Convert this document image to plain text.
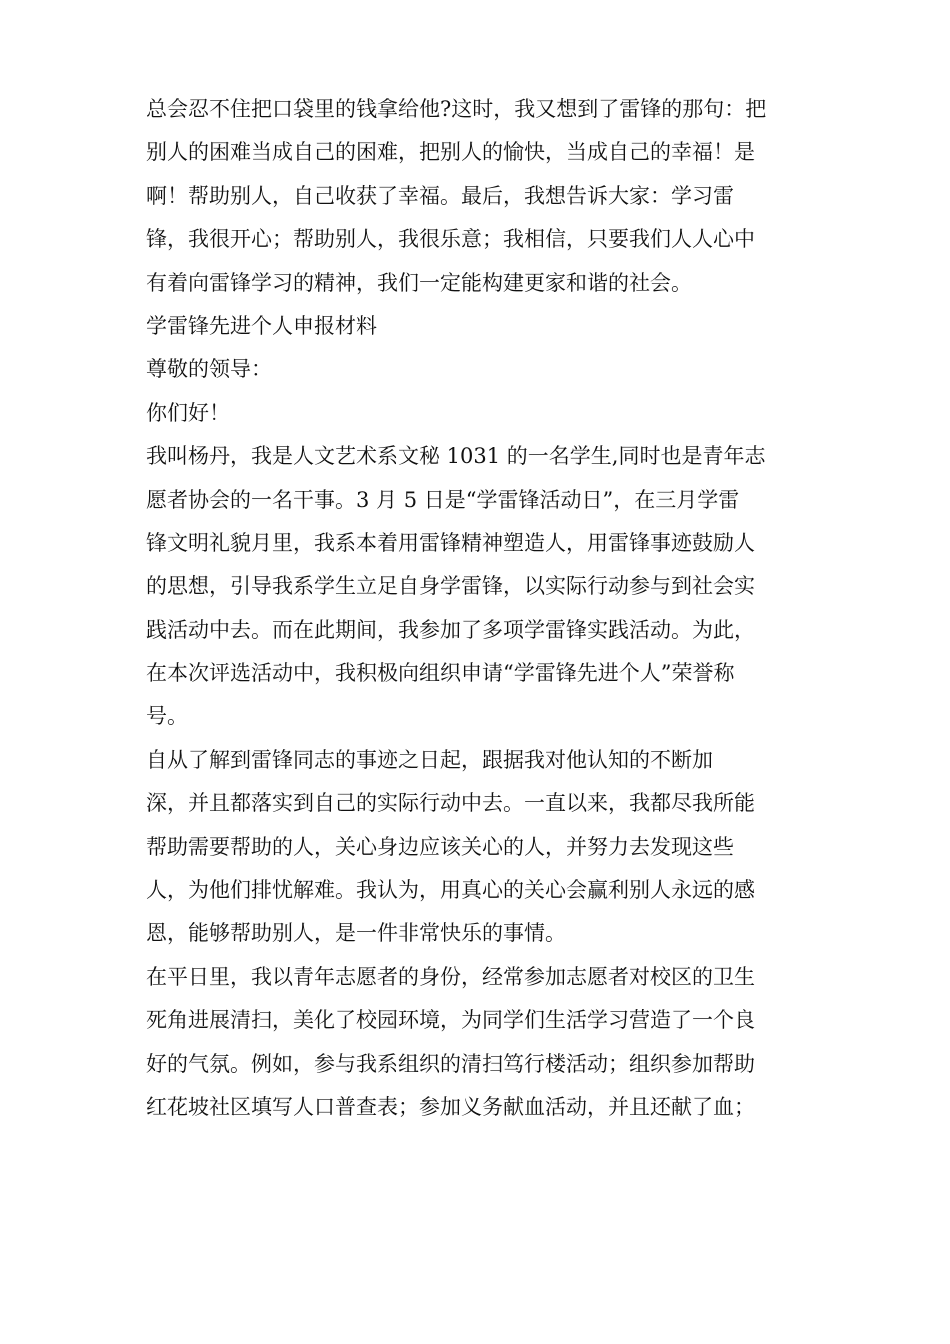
总会忍不住把口袋里的钱拿给他?这时，我又想到了雷锋的那句：把
别人的困难当成自己的困难，把别人的愉快，当成自己的幸福！是
啊！帮助别人，自己收获了幸福。最后，我想告诉大家：学习雷
锋，我很开心；帮助别人，我很乐意；我相信，只要我们人人心中
有着向雷锋学习的精神，我们一定能构建更家和谐的社会。
学雷锋先进个人申报材料
尊敬的领导：
你们好！
我叫杨丹，我是人文艺术系文秘 1031 的一名学生,同时也是青年志
愿者协会的一名干事。3 月 5 日是“学雷锋活动日”，在三月学雷
锋文明礼貌月里，我系本着用雷锋精神塑造人，用雷锋事迹鼓励人
的思想，引导我系学生立足自身学雷锋，以实际行动参与到社会实
践活动中去。而在此期间，我参加了多项学雷锋实践活动。为此，
在本次评选活动中，我积极向组织申请“学雷锋先进个人”荣誉称
号。
自从了解到雷锋同志的事迹之日起，跟据我对他认知的不断加
深，并且都落实到自己的实际行动中去。一直以来，我都尽我所能
帮助需要帮助的人，关心身边应该关心的人，并努力去发现这些
人，为他们排忧解难。我认为，用真心的关心会赢利别人永远的感
恩，能够帮助别人，是一件非常快乐的事情。
在平日里，我以青年志愿者的身份，经常参加志愿者对校区的卫生
死角进展清扫，美化了校园环境，为同学们生活学习营造了一个良
好的气氛。例如，参与我系组织的清扫笃行楼活动；组织参加帮助
红花坡社区填写人口普查表；参加义务献血活动，并且还献了血；
